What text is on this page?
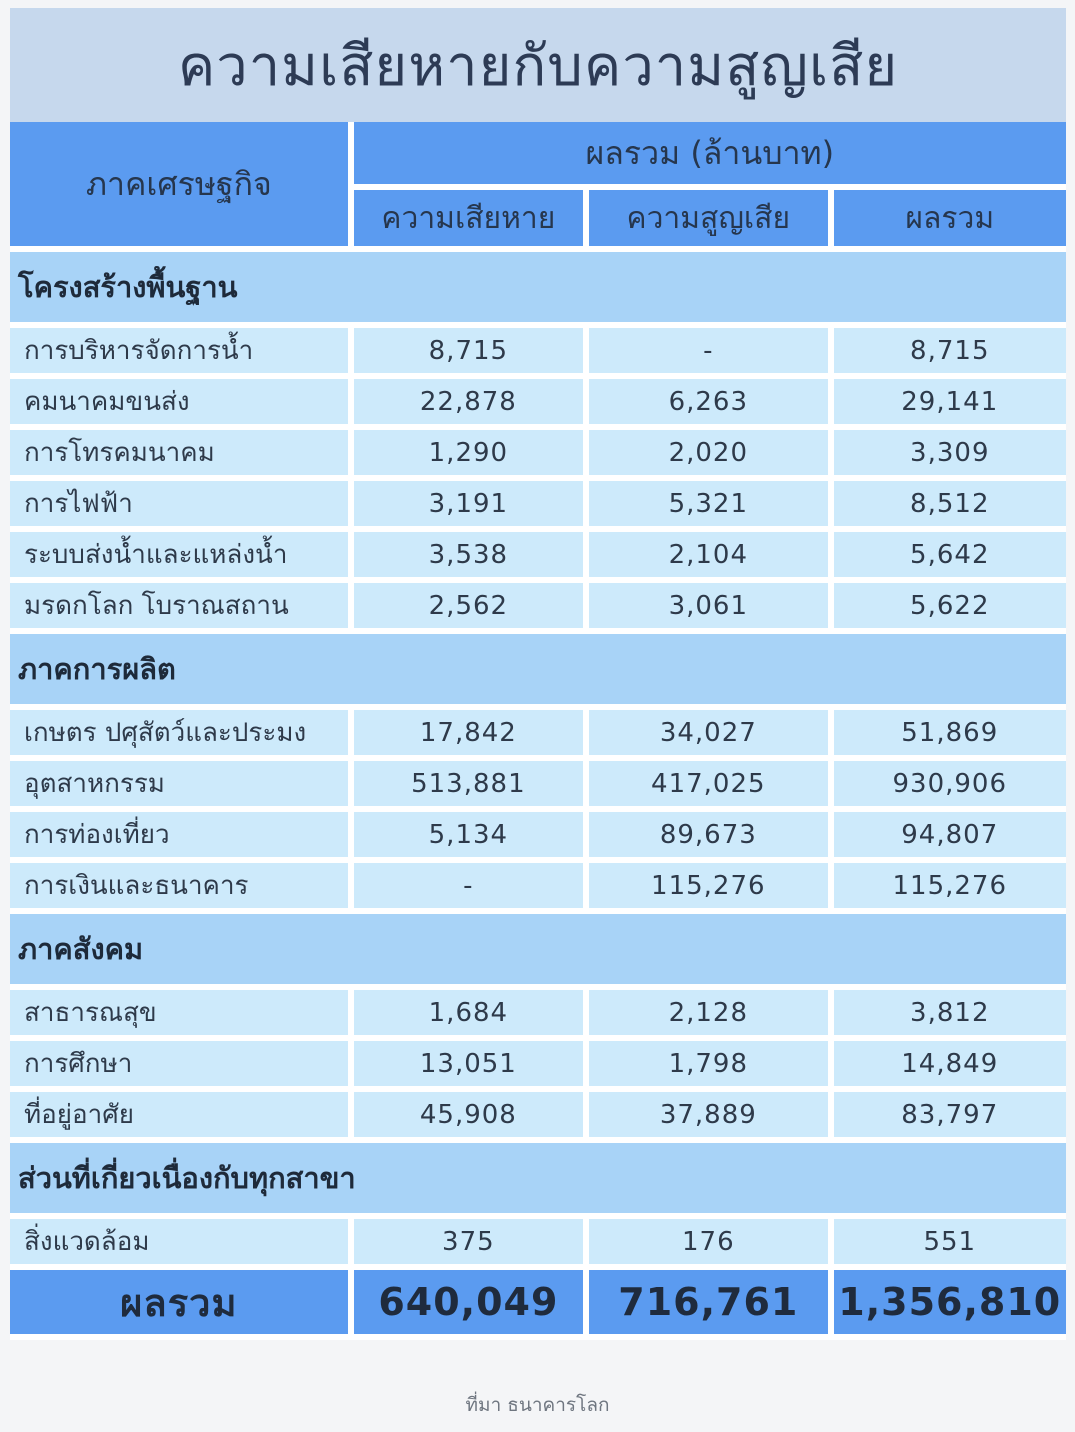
ความเสียหายกับความสูญเสีย
ภาคเศรษฐกิจ	ผลรวม (ล้านบาท)		
	ความเสียหาย	ความสูญเสีย	ผลรวม
โครงสร้างพื้นฐาน			
การบริหารจัดการน้ำ	8,715	-	8,715
คมนาคมขนส่ง	22,878	6,263	29,141
การโทรคมนาคม	1,290	2,020	3,309
การไฟฟ้า	3,191	5,321	8,512
ระบบส่งน้ำและแหล่งน้ำ	3,538	2,104	5,642
มรดกโลก โบราณสถาน	2,562	3,061	5,622
ภาคการผลิต			
เกษตร ปศุสัตว์และประมง	17,842	34,027	51,869
อุตสาหกรรม	513,881	417,025	930,906
การท่องเที่ยว	5,134	89,673	94,807
การเงินและธนาคาร	-	115,276	115,276
ภาคสังคม			
สาธารณสุข	1,684	2,128	3,812
การศึกษา	13,051	1,798	14,849
ที่อยู่อาศัย	45,908	37,889	83,797
ส่วนที่เกี่ยวเนื่องกับทุกสาขา			
สิ่งแวดล้อม	375	176	551
ผลรวม	640,049	716,761	1,356,810
ที่มา ธนาคารโลก
